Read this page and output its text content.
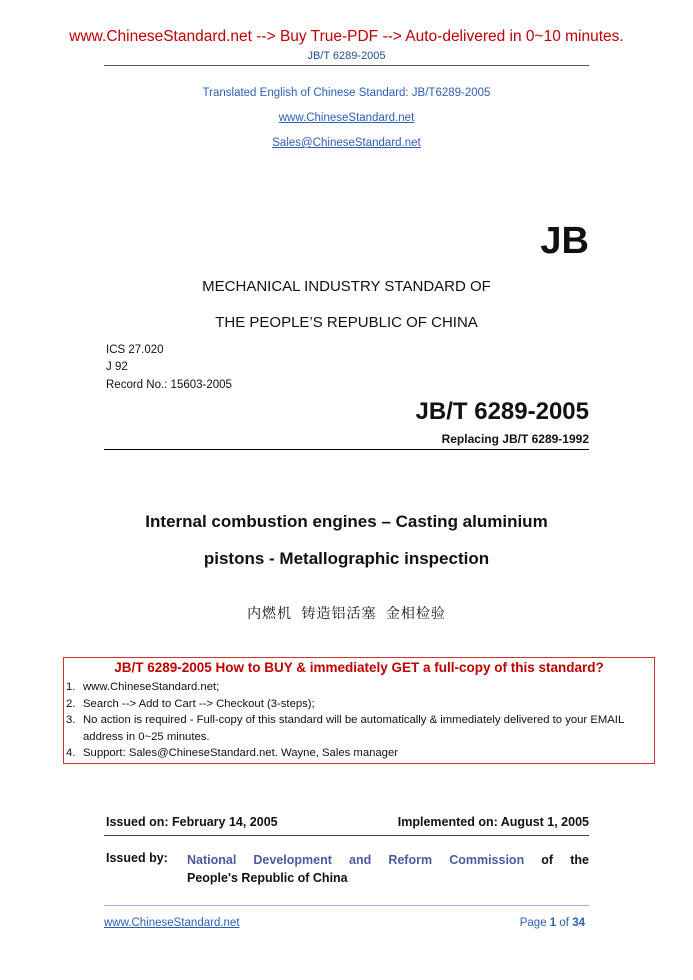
www.ChineseStandard.net --> Buy True-PDF --> Auto-delivered in 0~10 minutes.
JB/T 6289-2005
Translated English of Chinese Standard: JB/T6289-2005
www.ChineseStandard.net
Sales@ChineseStandard.net
JB
MECHANICAL INDUSTRY STANDARD OF
THE PEOPLE’S REPUBLIC OF CHINA
ICS 27.020
J 92
Record No.: 15603-2005
JB/T 6289-2005
Replacing JB/T 6289-1992
Internal combustion engines – Casting aluminium
pistons - Metallographic inspection
内燃机 铸造铝活塞 金相检验
JB/T 6289-2005 How to BUY & immediately GET a full-copy of this standard?
1. www.ChineseStandard.net;
2. Search --> Add to Cart --> Checkout (3-steps);
3. No action is required - Full-copy of this standard will be automatically & immediately delivered to your EMAIL address in 0~25 minutes.
4. Support: Sales@ChineseStandard.net. Wayne, Sales manager
Issued on: February 14, 2005	Implemented on: August 1, 2005
Issued by: National Development and Reform Commission of the
People's Republic of China
www.ChineseStandard.net	Page 1 of 34
